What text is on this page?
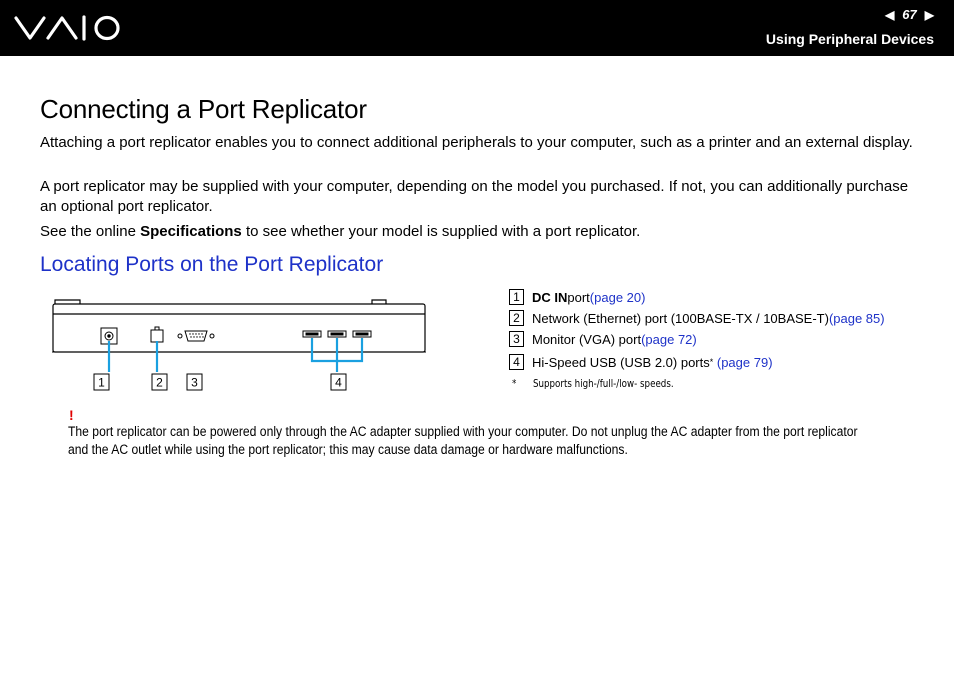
◀ 67 ▶
Using Peripheral Devices
Connecting a Port Replicator

Attaching a port replicator enables you to connect additional peripherals to your computer, such as a printer and an external display.

A port replicator may be supplied with your computer, depending on the model you purchased. If not, you can additionally purchase an optional port replicator.

See the online Specifications to see whether your model is supplied with a port replicator.

Locating Ports on the Port Replicator
1	2 3	4
1 DC IN port (page 20)
2 Network (Ethernet) port (100BASE-TX / 10BASE-T) (page 85)
3 Monitor (VGA) port (page 72)
4 Hi-Speed USB (USB 2.0) ports *
(page 79)
*      Supports high-/full-/low- speeds.
!

The port replicator can be powered only through the AC adapter supplied with your computer. Do not unplug the AC adapter from the port replicator and the AC outlet while using the port replicator; this may cause data damage or hardware malfunctions.
